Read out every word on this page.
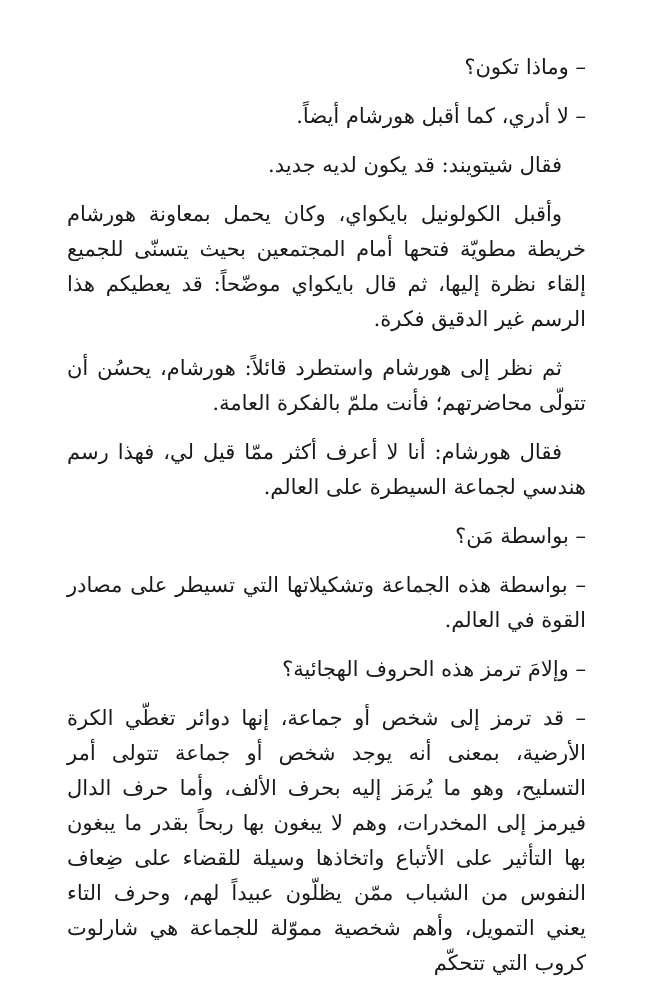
– وماذا تكون؟

– لا أدري، كما أقبل هورشام أيضاً.

فقال شيتويند: قد يكون لديه جديد.

وأقبل الكولونيل بايكواي، وكان يحمل بمعاونة هورشام خريطة مطويّة فتحها أمام المجتمعين بحيث يتسنّى للجميع إلقاء نظرة إليها، ثم قال بايكواي موضّحاً: قد يعطيكم هذا الرسم غير الدقيق فكرة.

ثم نظر إلى هورشام واستطرد قائلاً: هورشام، يحسُن أن تتولّى محاضرتهم؛ فأنت ملمّ بالفكرة العامة.

فقال هورشام: أنا لا أعرف أكثر ممّا قيل لي، فهذا رسم هندسي لجماعة السيطرة على العالم.

– بواسطة مَن؟

– بواسطة هذه الجماعة وتشكيلاتها التي تسيطر على مصادر القوة في العالم.

– وإلامَ ترمز هذه الحروف الهجائية؟

– قد ترمز إلى شخص أو جماعة، إنها دوائر تغطّي الكرة الأرضية، بمعنى أنه يوجد شخص أو جماعة تتولى أمر التسليح، وهو ما يُرمَز إليه بحرف الألف، وأما حرف الدال فيرمز إلى المخدرات، وهم لا يبغون بها ربحاً بقدر ما يبغون بها التأثير على الأتباع واتخاذها وسيلة للقضاء على ضِعاف النفوس من الشباب ممّن يظلّون عبيداً لهم، وحرف التاء يعني التمويل، وأهم شخصية مموّلة للجماعة هي شارلوت كروب التي تتحكّم
